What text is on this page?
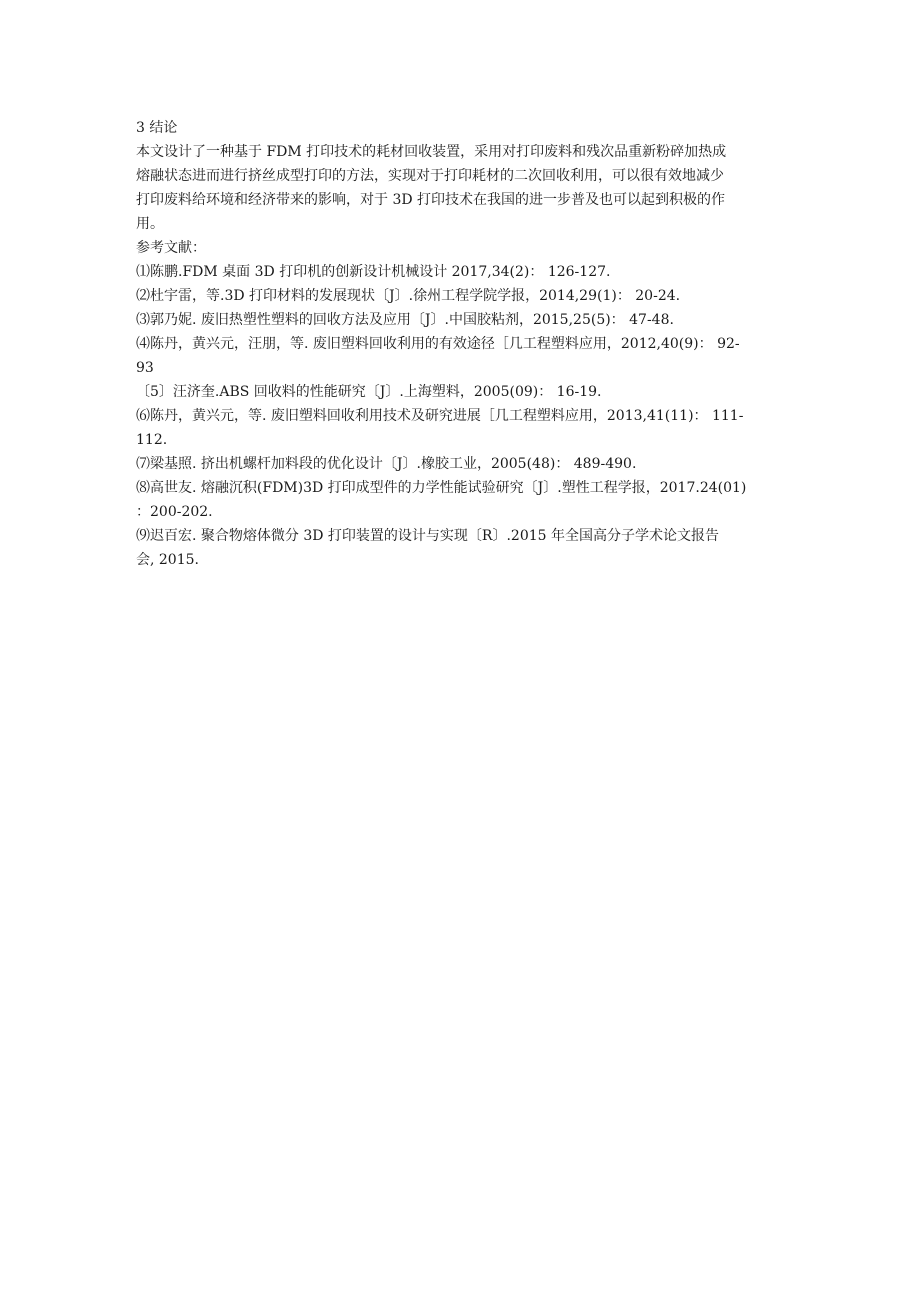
3 结论
本文设计了一种基于 FDM 打印技术的耗材回收装置，采用对打印废料和残次品重新粉碎加热成
熔融状态进而进行挤丝成型打印的方法，实现对于打印耗材的二次回收利用，可以很有效地减少
打印废料给环境和经济带来的影响，对于 3D 打印技术在我国的进一步普及也可以起到积极的作
用。
参考文献：
⑴陈鹏.FDM 桌面 3D 打印机的创新设计机械设计 2017,34(2)： 126-127.
⑵杜宇雷，等.3D 打印材料的发展现状〔J〕.徐州工程学院学报，2014,29(1)： 20-24.
⑶郭乃妮. 废旧热塑性塑料的回收方法及应用〔J〕.中国胶粘剂，2015,25(5)： 47-48.
⑷陈丹，黄兴元，汪朋，等. 废旧塑料回收利用的有效途径［几工程塑料应用，2012,40(9)： 92-
93
〔5〕汪济奎.ABS 回收料的性能研究〔J〕.上海塑料，2005(09)： 16-19.
⑹陈丹，黄兴元，等. 废旧塑料回收利用技术及研究进展［几工程塑料应用，2013,41(11)： 111-
112.
⑺梁基照. 挤出机螺杆加料段的优化设计〔J〕.橡胶工业，2005(48)： 489-490.
⑻高世友. 熔融沉积(FDM)3D 打印成型件的力学性能试验研究〔J〕.塑性工程学报，2017.24(01)
：200-202.
⑼迟百宏. 聚合物熔体微分 3D 打印装置的设计与实现〔R〕.2015 年全国高分子学术论文报告
会, 2015.
